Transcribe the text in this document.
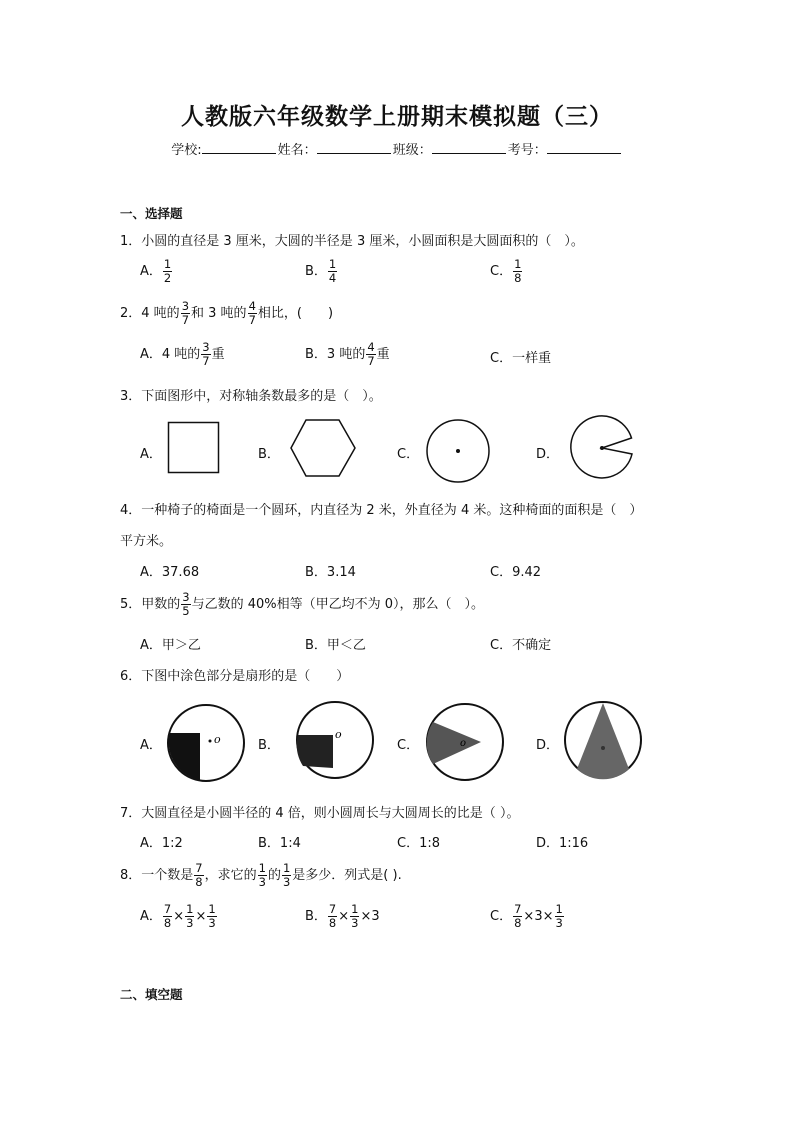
人教版六年级数学上册期末模拟题（三）
学校:	姓名：	班级：	考号：
一、选择题
1．小圆的直径是 3 厘米，大圆的半径是 3 厘米，小圆面积是大圆面积的（　）。
A． $\frac{1}{2}$	B． $\frac{1}{4}$	C． $\frac{1}{8}$
2．4 吨的 $\frac{3}{7}$ 和 3 吨的 $\frac{4}{7}$ 相比，(　　)
A．4 吨的 $\frac{3}{7}$ 重	B．3 吨的 $\frac{4}{7}$ 重	C．一样重
3．下面图形中，对称轴条数最多的是（　）。
A．	B．	C．	D．
4．一种椅子的椅面是一个圆环，内直径为 2 米，外直径为 4 米。这种椅面的面积是（　）
平方米。
A．37.68	B．3.14	C．9.42
5．甲数的 $\frac{3}{5}$ 与乙数的 40%相等（甲乙均不为 0），那么（　）。
A．甲＞乙	B．甲＜乙	C．不确定
6．下图中涂色部分是扇形的是（　　）
A．	o	B．
o
C．	o	D．
7．大圆直径是小圆半径的 4 倍，则小圆周长与大圆周长的比是（ ）。
A．1:2	B．1:4	C．1:8	D．1:16
8．一个数是 $\frac{7}{8}$ ，求它的 $\frac{1}{3}$ 的 $\frac{1}{3}$ 是多少．列式是( ).
A． $\frac{7}{8} \times \frac{1}{3} \times \frac{1}{3}$	B． $\frac{7}{8} \times \frac{1}{3} \times 3$	C． $\frac{7}{8} \times 3\times \frac{1}{3}$
二、填空题
